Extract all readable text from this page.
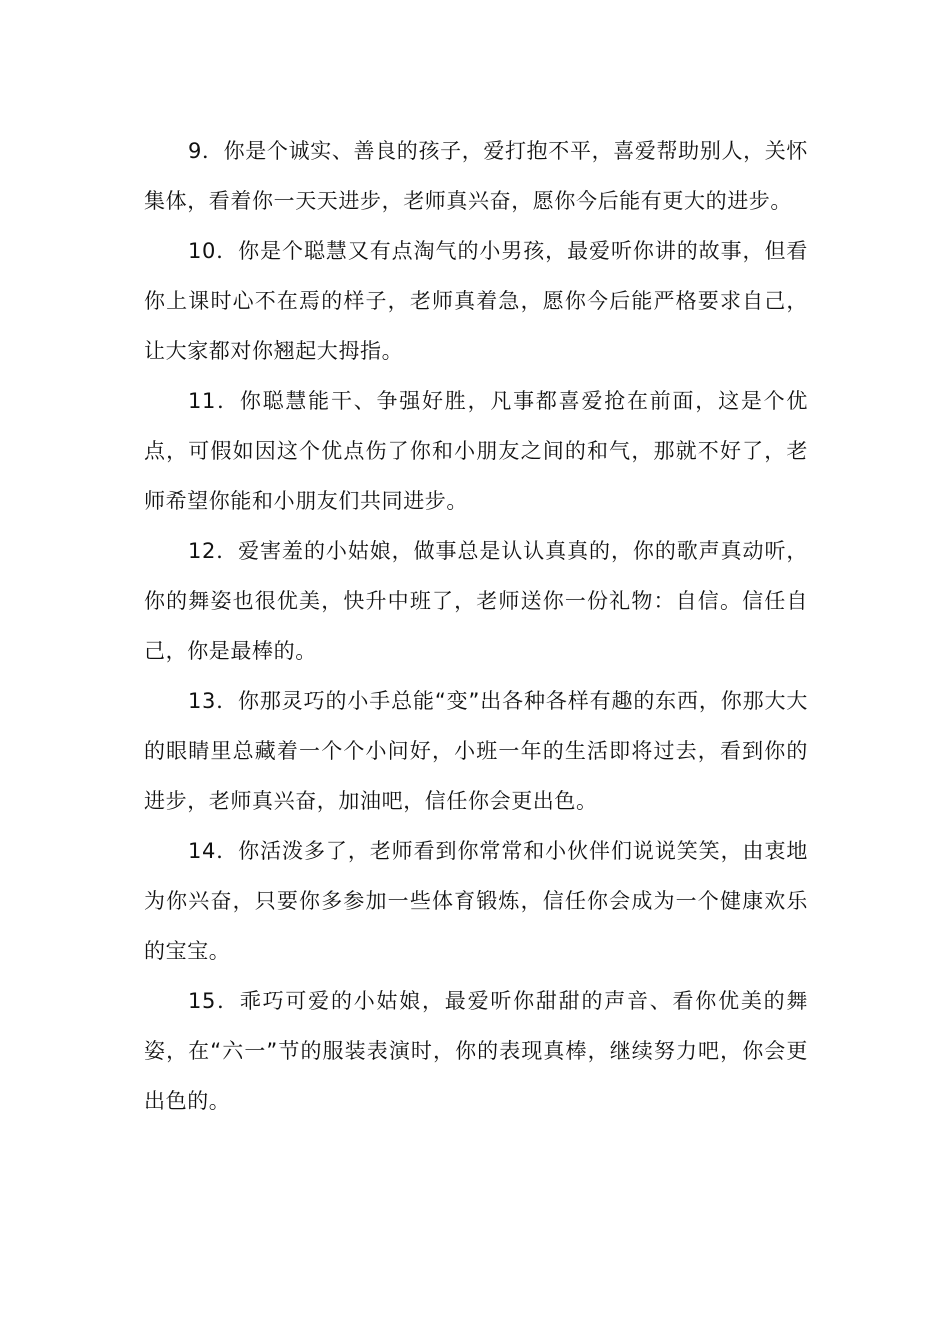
9．你是个诚实、善良的孩子，爱打抱不平，喜爱帮助别人，关怀集体，看着你一天天进步，老师真兴奋，愿你今后能有更大的进步。

10．你是个聪慧又有点淘气的小男孩，最爱听你讲的故事，但看你上课时心不在焉的样子，老师真着急，愿你今后能严格要求自己，让大家都对你翘起大拇指。

11．你聪慧能干、争强好胜，凡事都喜爱抢在前面，这是个优点，可假如因这个优点伤了你和小朋友之间的和气，那就不好了，老师希望你能和小朋友们共同进步。

12．爱害羞的小姑娘，做事总是认认真真的，你的歌声真动听，你的舞姿也很优美，快升中班了，老师送你一份礼物：自信。信任自己，你是最棒的。

13．你那灵巧的小手总能“变”出各种各样有趣的东西，你那大大的眼睛里总藏着一个个小问好，小班一年的生活即将过去，看到你的进步，老师真兴奋，加油吧，信任你会更出色。

14．你活泼多了，老师看到你常常和小伙伴们说说笑笑，由衷地为你兴奋，只要你多参加一些体育锻炼，信任你会成为一个健康欢乐的宝宝。

15．乖巧可爱的小姑娘，最爱听你甜甜的声音、看你优美的舞姿，在“六一”节的服装表演时，你的表现真棒，继续努力吧，你会更出色的。
